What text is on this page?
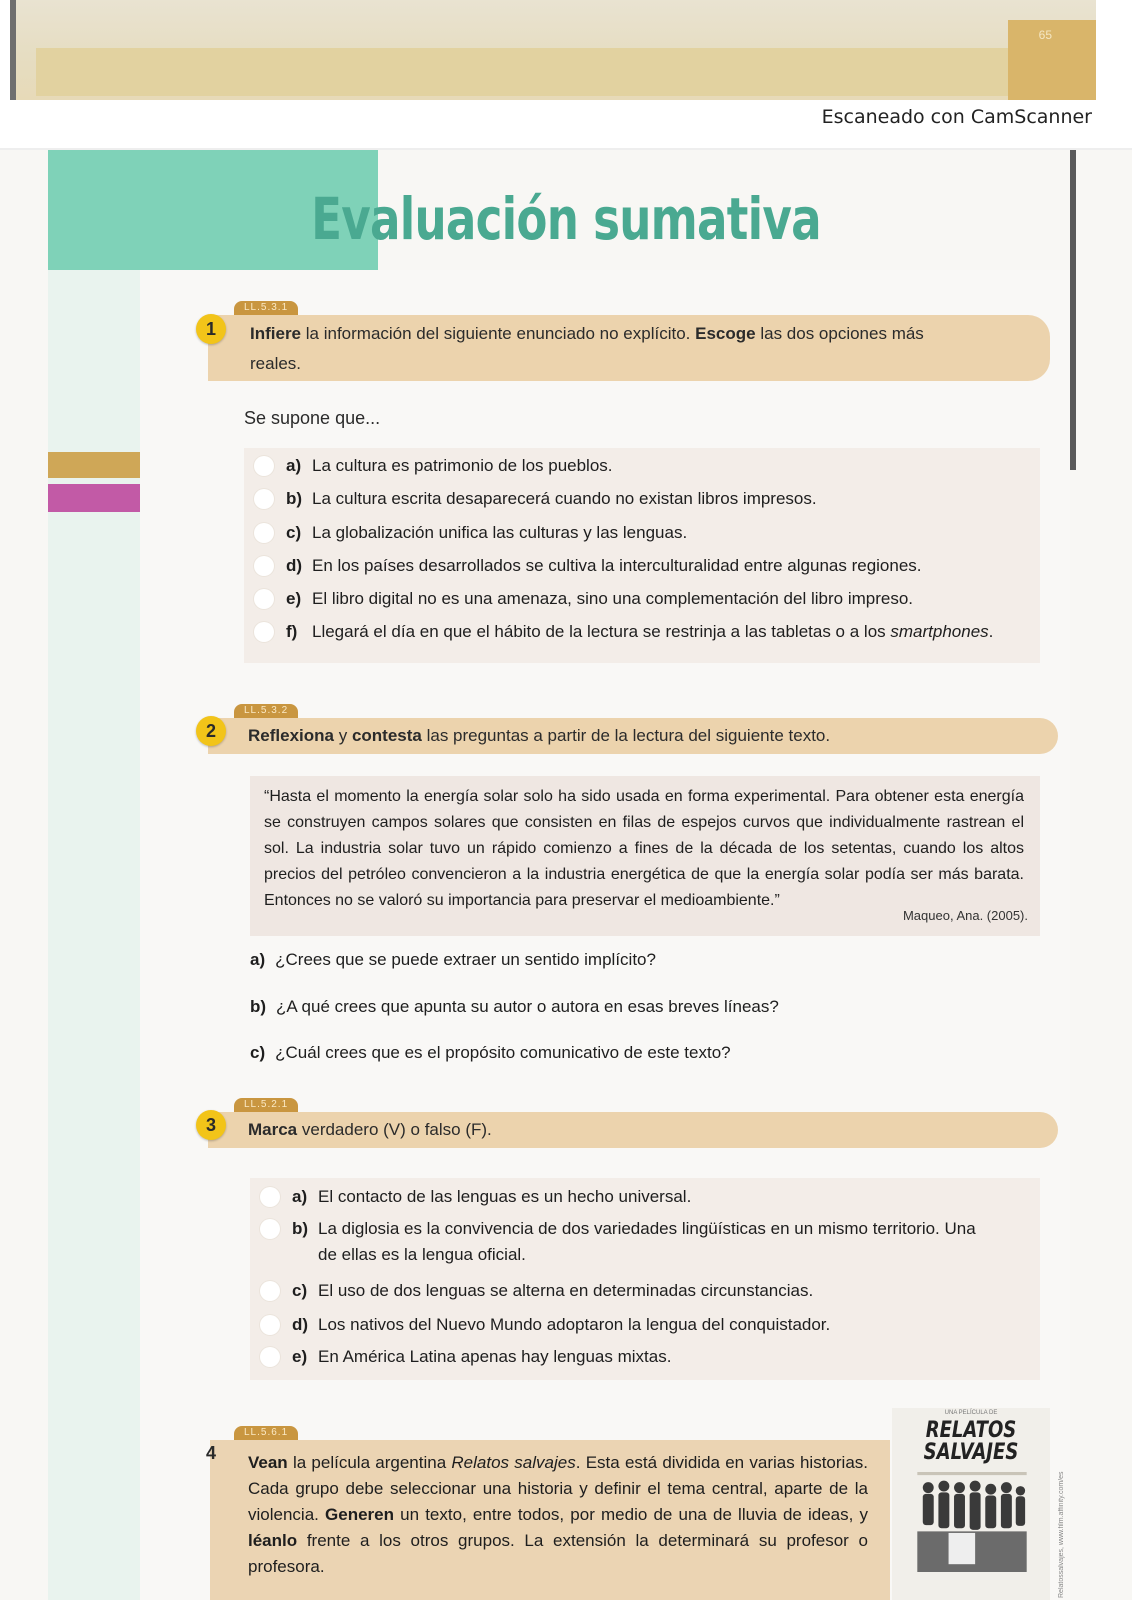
65
Escaneado con CamScanner
Evaluación sumativa
LL.5.3.1
Infiere la información del siguiente enunciado no explícito. Escoge las dos opciones más
reales.
1
Se supone que...
a) La cultura es patrimonio de los pueblos.
b) La cultura escrita desaparecerá cuando no existan libros impresos.
c) La globalización unifica las culturas y las lenguas.
d) En los países desarrollados se cultiva la interculturalidad entre algunas regiones.
e) El libro digital no es una amenaza, sino una complementación del libro impreso.
f) Llegará el día en que el hábito de la lectura se restrinja a las tabletas o a los smartphones.
LL.5.3.2
Reflexiona y contesta las preguntas a partir de la lectura del siguiente texto.
2
“Hasta el momento la energía solar solo ha sido usada en forma experimental. Para obtener esta energía se construyen campos solares que consisten en filas de espejos curvos que individualmente rastrean el sol. La industria solar tuvo un rápido comienzo a fines de la década de los setentas, cuando los altos precios del petróleo convencieron a la industria energética de que la energía solar podía ser más barata. Entonces no se valoró su importancia para preservar el medioambiente.”
Maqueo, Ana. (2005).
a) ¿Crees que se puede extraer un sentido implícito?
b) ¿A qué crees que apunta su autor o autora en esas breves líneas?
c) ¿Cuál crees que es el propósito comunicativo de este texto?
LL.5.2.1
Marca verdadero (V) o falso (F).
3
a) El contacto de las lenguas es un hecho universal.
b) La diglosia es la convivencia de dos variedades lingüísticas en un mismo territorio. Una
de ellas es la lengua oficial.
c) El uso de dos lenguas se alterna en determinadas circunstancias.
d) Los nativos del Nuevo Mundo adoptaron la lengua del conquistador.
e) En América Latina apenas hay lenguas mixtas.
LL.5.6.1
Vean la película argentina Relatos salvajes. Esta está dividida en varias historias. Cada grupo debe seleccionar una historia y definir el tema central, aparte de la violencia. Generen un texto, entre todos, por medio de una de lluvia de ideas, y léanlo frente a los otros grupos. La extensión la determinará su profesor o profesora.
4
UNA PELÍCULA DE
RELATOS
SALVAJES
Relatossalvajes, www.film.affinity.com/es
